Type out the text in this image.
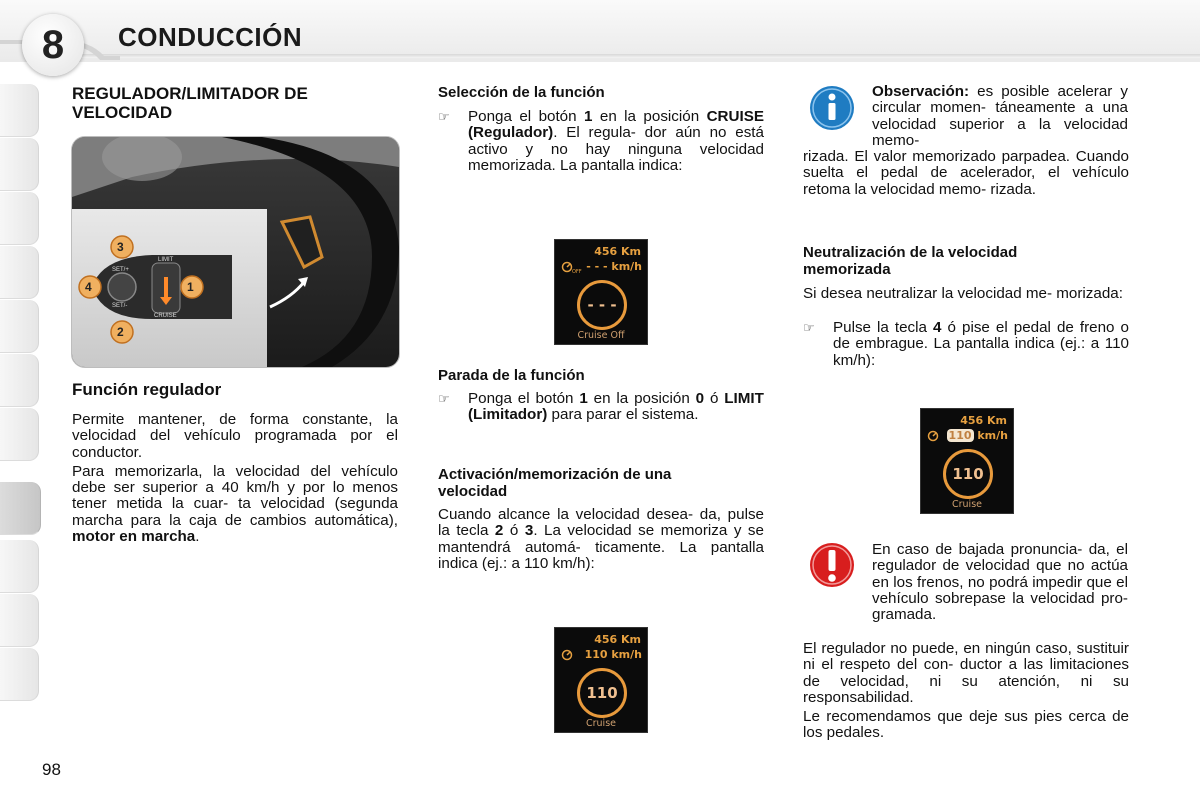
8 CONDUCCIÓN
REGULADOR/LIMITADOR DE
VELOCIDAD
3
4
2
1
LIMIT
CRUISE
SET/+
SET/-
Función regulador

Permite mantener, de forma constante, la velocidad del vehículo programada por el conductor.

Para memorizarla, la velocidad del vehículo debe ser superior a 40 km/h y por lo menos tener metida la cuar- ta velocidad (segunda marcha para la caja de cambios automática), motor en marcha.

Selección de la función
☞ Ponga el botón 1 en la posición CRUISE (Regulador). El regula- dor aún no está activo y no hay ninguna velocidad memorizada. La pantalla indica:

456 Km
OFF - - - km/h
- - -
Cruise Off
Parada de la función
☞ Ponga el botón 1 en la posición 0 ó LIMIT (Limitador) para parar el sistema.

Activación/memorización de una
velocidad

Cuando alcance la velocidad desea- da, pulse la tecla 2 ó 3. La velocidad se memoriza y se mantendrá automá- ticamente. La pantalla indica (ej.: a 110 km/h):

456 Km
110 km/h
110
Cruise

Observación: es posible acelerar y circular momen- táneamente a una velocidad superior a la velocidad memo-

rizada. El valor memorizado parpadea. Cuando suelta el pedal de acelerador, el vehículo retoma la velocidad memo- rizada.

Neutralización de la velocidad
memorizada

Si desea neutralizar la velocidad me- morizada:

☞ Pulse la tecla 4 ó pise el pedal de freno o de embrague. La pantalla indica (ej.: a 110 km/h):

456 Km
110 km/h
110
Cruise

En caso de bajada pronuncia- da, el regulador de velocidad que no actúa en los frenos, no podrá impedir que el vehículo sobrepase la velocidad pro- gramada.

El regulador no puede, en ningún caso, sustituir ni el respeto del con- ductor a las limitaciones de velocidad, ni su atención, ni su responsabilidad.

Le recomendamos que deje sus pies cerca de los pedales.

98
